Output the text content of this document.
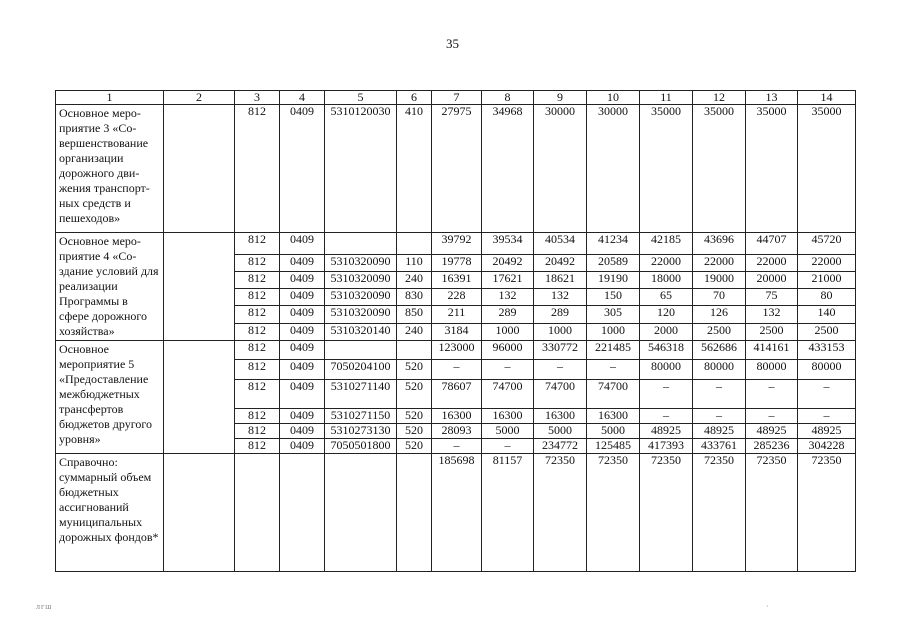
35
1	2	3	4	5	6	7	8	9	10	11	12	13	14
Основное меро-приятие 3 «Со-вершенствование организации дорожного дви-жения транспорт-ных средств и пешеходов»		812	0409	5310120030	410	27975	34968	30000	30000	35000	35000	35000	35000
Основное меро-приятие 4 «Со-здание условий для реализации Программы в сфере дорожного хозяйства»		812	0409			39792	39534	40534	41234	42185	43696	44707	45720
		812	0409	5310320090	110	19778	20492	20492	20589	22000	22000	22000	22000
		812	0409	5310320090	240	16391	17621	18621	19190	18000	19000	20000	21000
		812	0409	5310320090	830	228	132	132	150	65	70	75	80
		812	0409	5310320090	850	211	289	289	305	120	126	132	140
		812	0409	5310320140	240	3184	1000	1000	1000	2000	2500	2500	2500
Основное мероприятие 5 «Предоставление межбюджетных трансфертов бюджетов другого уровня»		812	0409			123000	96000	330772	221485	546318	562686	414161	433153
		812	0409	7050204100	520	–	–	–	–	80000	80000	80000	80000
		812	0409	5310271140	520	78607	74700	74700	74700	–	–	–	–
		812	0409	5310271150	520	16300	16300	16300	16300	–	–	–	–
		812	0409	5310273130	520	28093	5000	5000	5000	48925	48925	48925	48925
		812	0409	7050501800	520	–	–	234772	125485	417393	433761	285236	304228
Справочно: суммарный объем бюджетных ассигнований муниципальных дорожных фондов*						185698	81157	72350	72350	72350	72350	72350	72350
лгш	·
